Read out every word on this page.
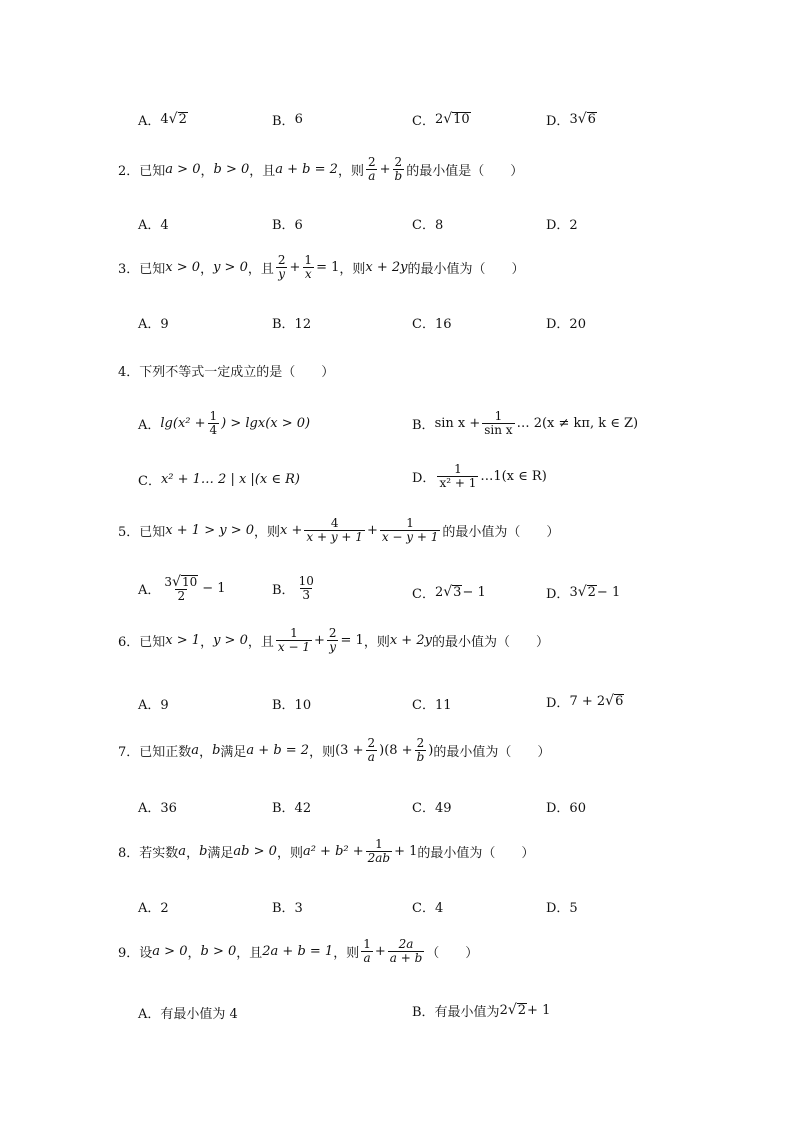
A． 4 √ 2	B． 6	C． 2 √ 10	D． 3 √ 6
2． 已知 a > 0 ， b > 0 ，且 a + b = 2 ，则 $\frac{2}{a} + \frac{2}{b}$ 的最小值是（　　）
A．4	B．6	C．8	D．2
3． 已知 x > 0 ， y > 0 ，且 $\frac{2}{y} + \frac{1}{x} = 1$ ，则 x + 2y 的最小值为（　　）
A．9	B．12	C．16	D．20
4． 下列不等式一定成立的是（　　）
A． $\lg(x^2 + \frac{1}{4}$ ) > lgx(x > 0)	B． $\sin x + \frac{1}{\text{sin x}}$ … 2(x ≠ kπ, k ∈ Z)
C． x² + 1… 2 | x |(x ∈ R)	D． $\frac{1}{\text{x² + 1}}$ …1(x ∈ R)
5． 已知 x + 1 > y > 0 ，则 $x + \frac{4}{x + y + 1} + \frac{1}{x - y + 1}$ 的最小值为（　　）
A． $\frac{3 √ 10}{2} - 1$	B． $\frac{10}{3}$	C． 2 √ 3 − 1	D． 3 √ 2 − 1
6． 已知 x > 1 ， y > 0 ，且 $\frac{1}{x - 1} + \frac{2}{y} = 1$ ，则 x + 2y 的最小值为（　　）
A．9	B．10	C．11	D． 7 + 2 √ 6
7． 已知正数 a ， b 满足 a + b = 2 ，则 $(3 + \frac{2}{a} )(8 + \frac{2}{b}$ ) 的最小值为（　　）
A．36	B．42	C．49	D．60
8． 若实数 a ， b 满足 ab > 0 ，则 $a^2 + b^2 + \frac{1}{2ab} + 1$ 的最小值为（　　）
A．2	B．3	C．4	D．5
9． 设 a > 0 ， b > 0 ，且 2a + b = 1 ，则 $\frac{1}{a} + \frac{2a}{a + b}$ （　　）
A．有最小值为 4	B．有最小值为 2 √ 2 + 1
